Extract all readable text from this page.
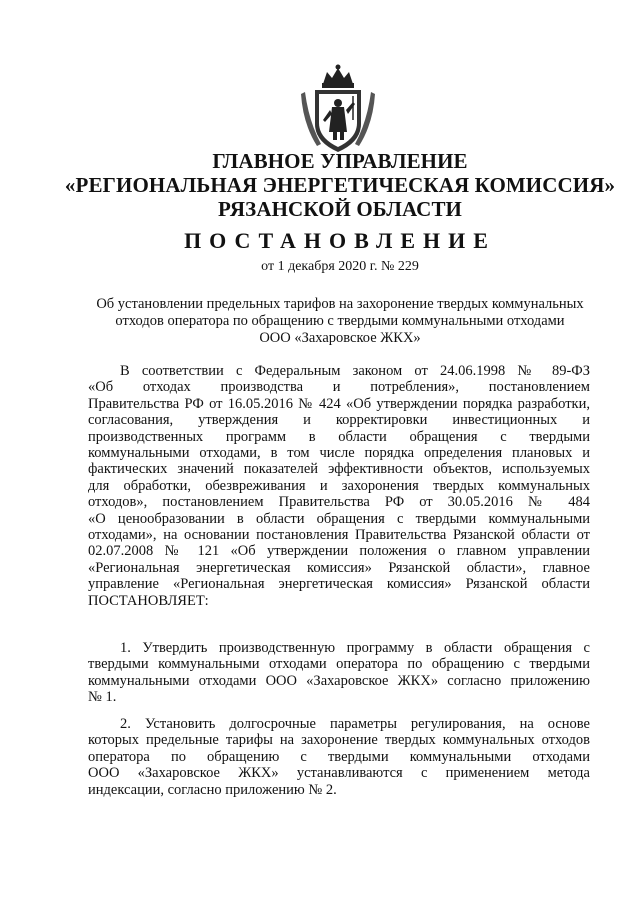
ГЛАВНОЕ УПРАВЛЕНИЕ
«РЕГИОНАЛЬНАЯ ЭНЕРГЕТИЧЕСКАЯ КОМИССИЯ»
РЯЗАНСКОЙ ОБЛАСТИ
ПОСТАНОВЛЕНИЕ
от 1 декабря 2020 г. № 229
Об установлении предельных тарифов на захоронение твердых коммунальных
отходов оператора по обращению с твердыми коммунальными отходами
ООО «Захаровское ЖКХ»
В соответствии с Федеральным законом от 24.06.1998 № 89-ФЗ
«Об отходах производства и потребления», постановлением
Правительства РФ от 16.05.2016 № 424 «Об утверждении порядка разработки,
согласования, утверждения и корректировки инвестиционных и
производственных программ в области обращения с твердыми
коммунальными отходами, в том числе порядка определения плановых и
фактических значений показателей эффективности объектов, используемых
для обработки, обезвреживания и захоронения твердых коммунальных
отходов», постановлением Правительства РФ от 30.05.2016 № 484
«О ценообразовании в области обращения с твердыми коммунальными
отходами», на основании постановления Правительства Рязанской области от
02.07.2008 № 121 «Об утверждении положения о главном управлении
«Региональная энергетическая комиссия» Рязанской области», главное
управление «Региональная энергетическая комиссия» Рязанской области
ПОСТАНОВЛЯЕТ:
1. Утвердить производственную программу в области обращения с
твердыми коммунальными отходами оператора по обращению с твердыми
коммунальными отходами ООО «Захаровское ЖКХ» согласно приложению
№ 1.
2. Установить долгосрочные параметры регулирования, на основе
которых предельные тарифы на захоронение твердых коммунальных отходов
оператора по обращению с твердыми коммунальными отходами
ООО «Захаровское ЖКХ» устанавливаются с применением метода
индексации, согласно приложению № 2.
